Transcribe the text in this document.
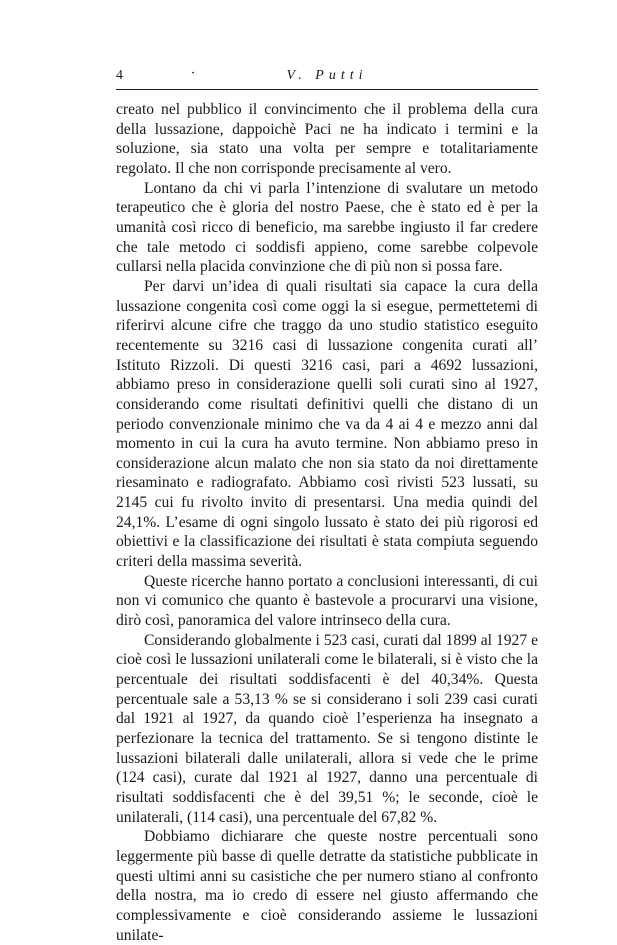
4	·	V. Putti

creato nel pubblico il convincimento che il problema della cura della lussazione, dappoichè Paci ne ha indicato i termini e la soluzione, sia stato una volta per sempre e totalitariamente regolato. Il che non corrisponde precisamente al vero.

Lontano da chi vi parla l’intenzione di svalutare un metodo terapeutico che è gloria del nostro Paese, che è stato ed è per la umanità così ricco di beneficio, ma sarebbe ingiusto il far credere che tale metodo ci soddisfi appieno, come sarebbe colpevole cullarsi nella placida convinzione che di più non si possa fare.

Per darvi un’idea di quali risultati sia capace la cura della lussazione congenita così come oggi la si esegue, permettetemi di riferirvi alcune cifre che traggo da uno studio statistico eseguito recentemente su 3216 casi di lussazione congenita curati all’ Istituto Rizzoli. Di questi 3216 casi, pari a 4692 lussazioni, abbiamo preso in considerazione quelli soli curati sino al 1927, considerando come risultati definitivi quelli che distano di un periodo convenzionale minimo che va da 4 ai 4 e mezzo anni dal momento in cui la cura ha avuto termine. Non abbiamo preso in considerazione alcun malato che non sia stato da noi direttamente riesaminato e radiografato. Abbiamo così rivisti 523 lussati, su 2145 cui fu rivolto invito di presentarsi. Una media quindi del 24,1%. L’esame di ogni singolo lussato è stato dei più rigorosi ed obiettivi e la classificazione dei risultati è stata compiuta seguendo criteri della massima severità.

Queste ricerche hanno portato a conclusioni interessanti, di cui non vi comunico che quanto è bastevole a procurarvi una visione, dirò così, panoramica del valore intrinseco della cura.

Considerando globalmente i 523 casi, curati dal 1899 al 1927 e cioè così le lussazioni unilaterali come le bilaterali, si è visto che la percentuale dei risultati soddisfacenti è del 40,34%. Questa percentuale sale a 53,13 % se si considerano i soli 239 casi curati dal 1921 al 1927, da quando cioè l’esperienza ha insegnato a perfezionare la tecnica del trattamento. Se si tengono distinte le lussazioni bilaterali dalle unilaterali, allora si vede che le prime (124 casi), curate dal 1921 al 1927, danno una percentuale di risultati soddisfacenti che è del 39,51 %; le seconde, cioè le unilaterali, (114 casi), una percentuale del 67,82 %.

Dobbiamo dichiarare che queste nostre percentuali sono leggermente più basse di quelle detratte da statistiche pubblicate in questi ultimi anni su casistiche che per numero stiano al confronto della nostra, ma io credo di essere nel giusto affermando che complessivamente e cioè considerando assieme le lussazioni unilate-
